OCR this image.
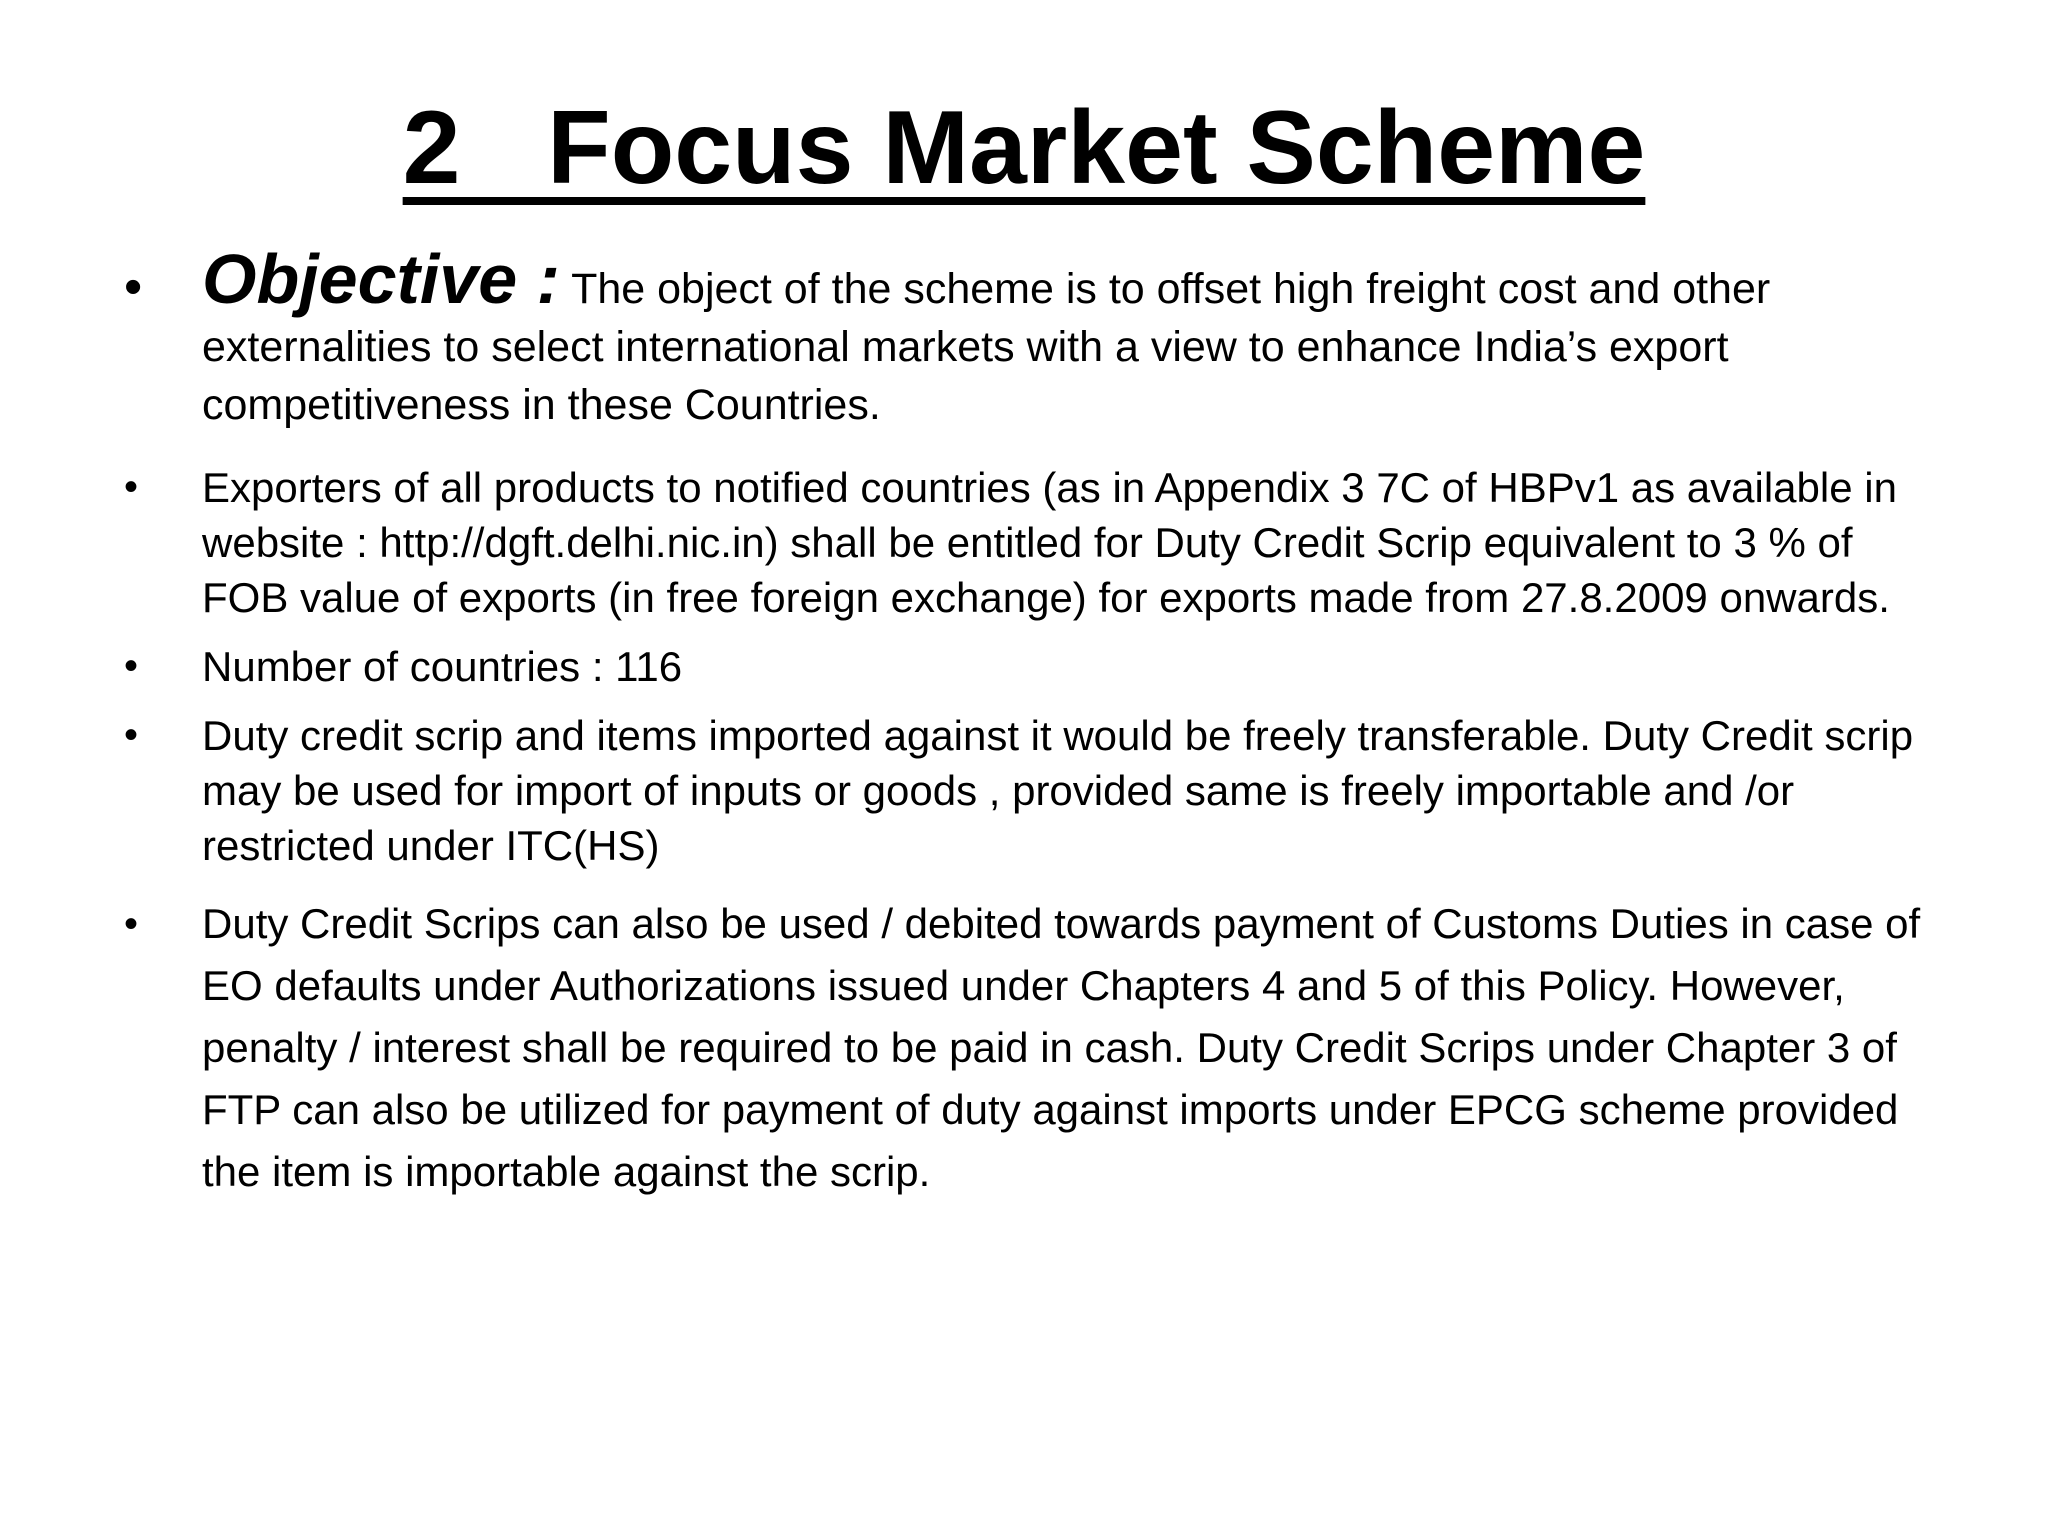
2   Focus Market Scheme
• Objective : The object of the scheme is to offset high freight cost and other externalities to select international markets with a view to enhance India’s export competitiveness in these Countries.
• Exporters of all products to notified countries (as in Appendix 3 7C of HBPv1 as available in website : http://dgft.delhi.nic.in) shall be entitled for Duty Credit Scrip equivalent to 3 % of FOB value of exports (in free foreign exchange) for exports made from 27.8.2009 onwards.
• Number of countries : 116
• Duty credit scrip and items imported against it would be freely transferable. Duty Credit scrip may be used for import of inputs or goods , provided same is freely importable and /or restricted under ITC(HS)
• Duty Credit Scrips can also be used / debited towards payment of Customs Duties in case of EO defaults under Authorizations issued under Chapters 4 and 5 of this Policy. However, penalty / interest shall be required to be paid in cash. Duty Credit Scrips under Chapter 3 of FTP can also be utilized for payment of duty against imports under EPCG scheme provided the item is importable against the scrip.
